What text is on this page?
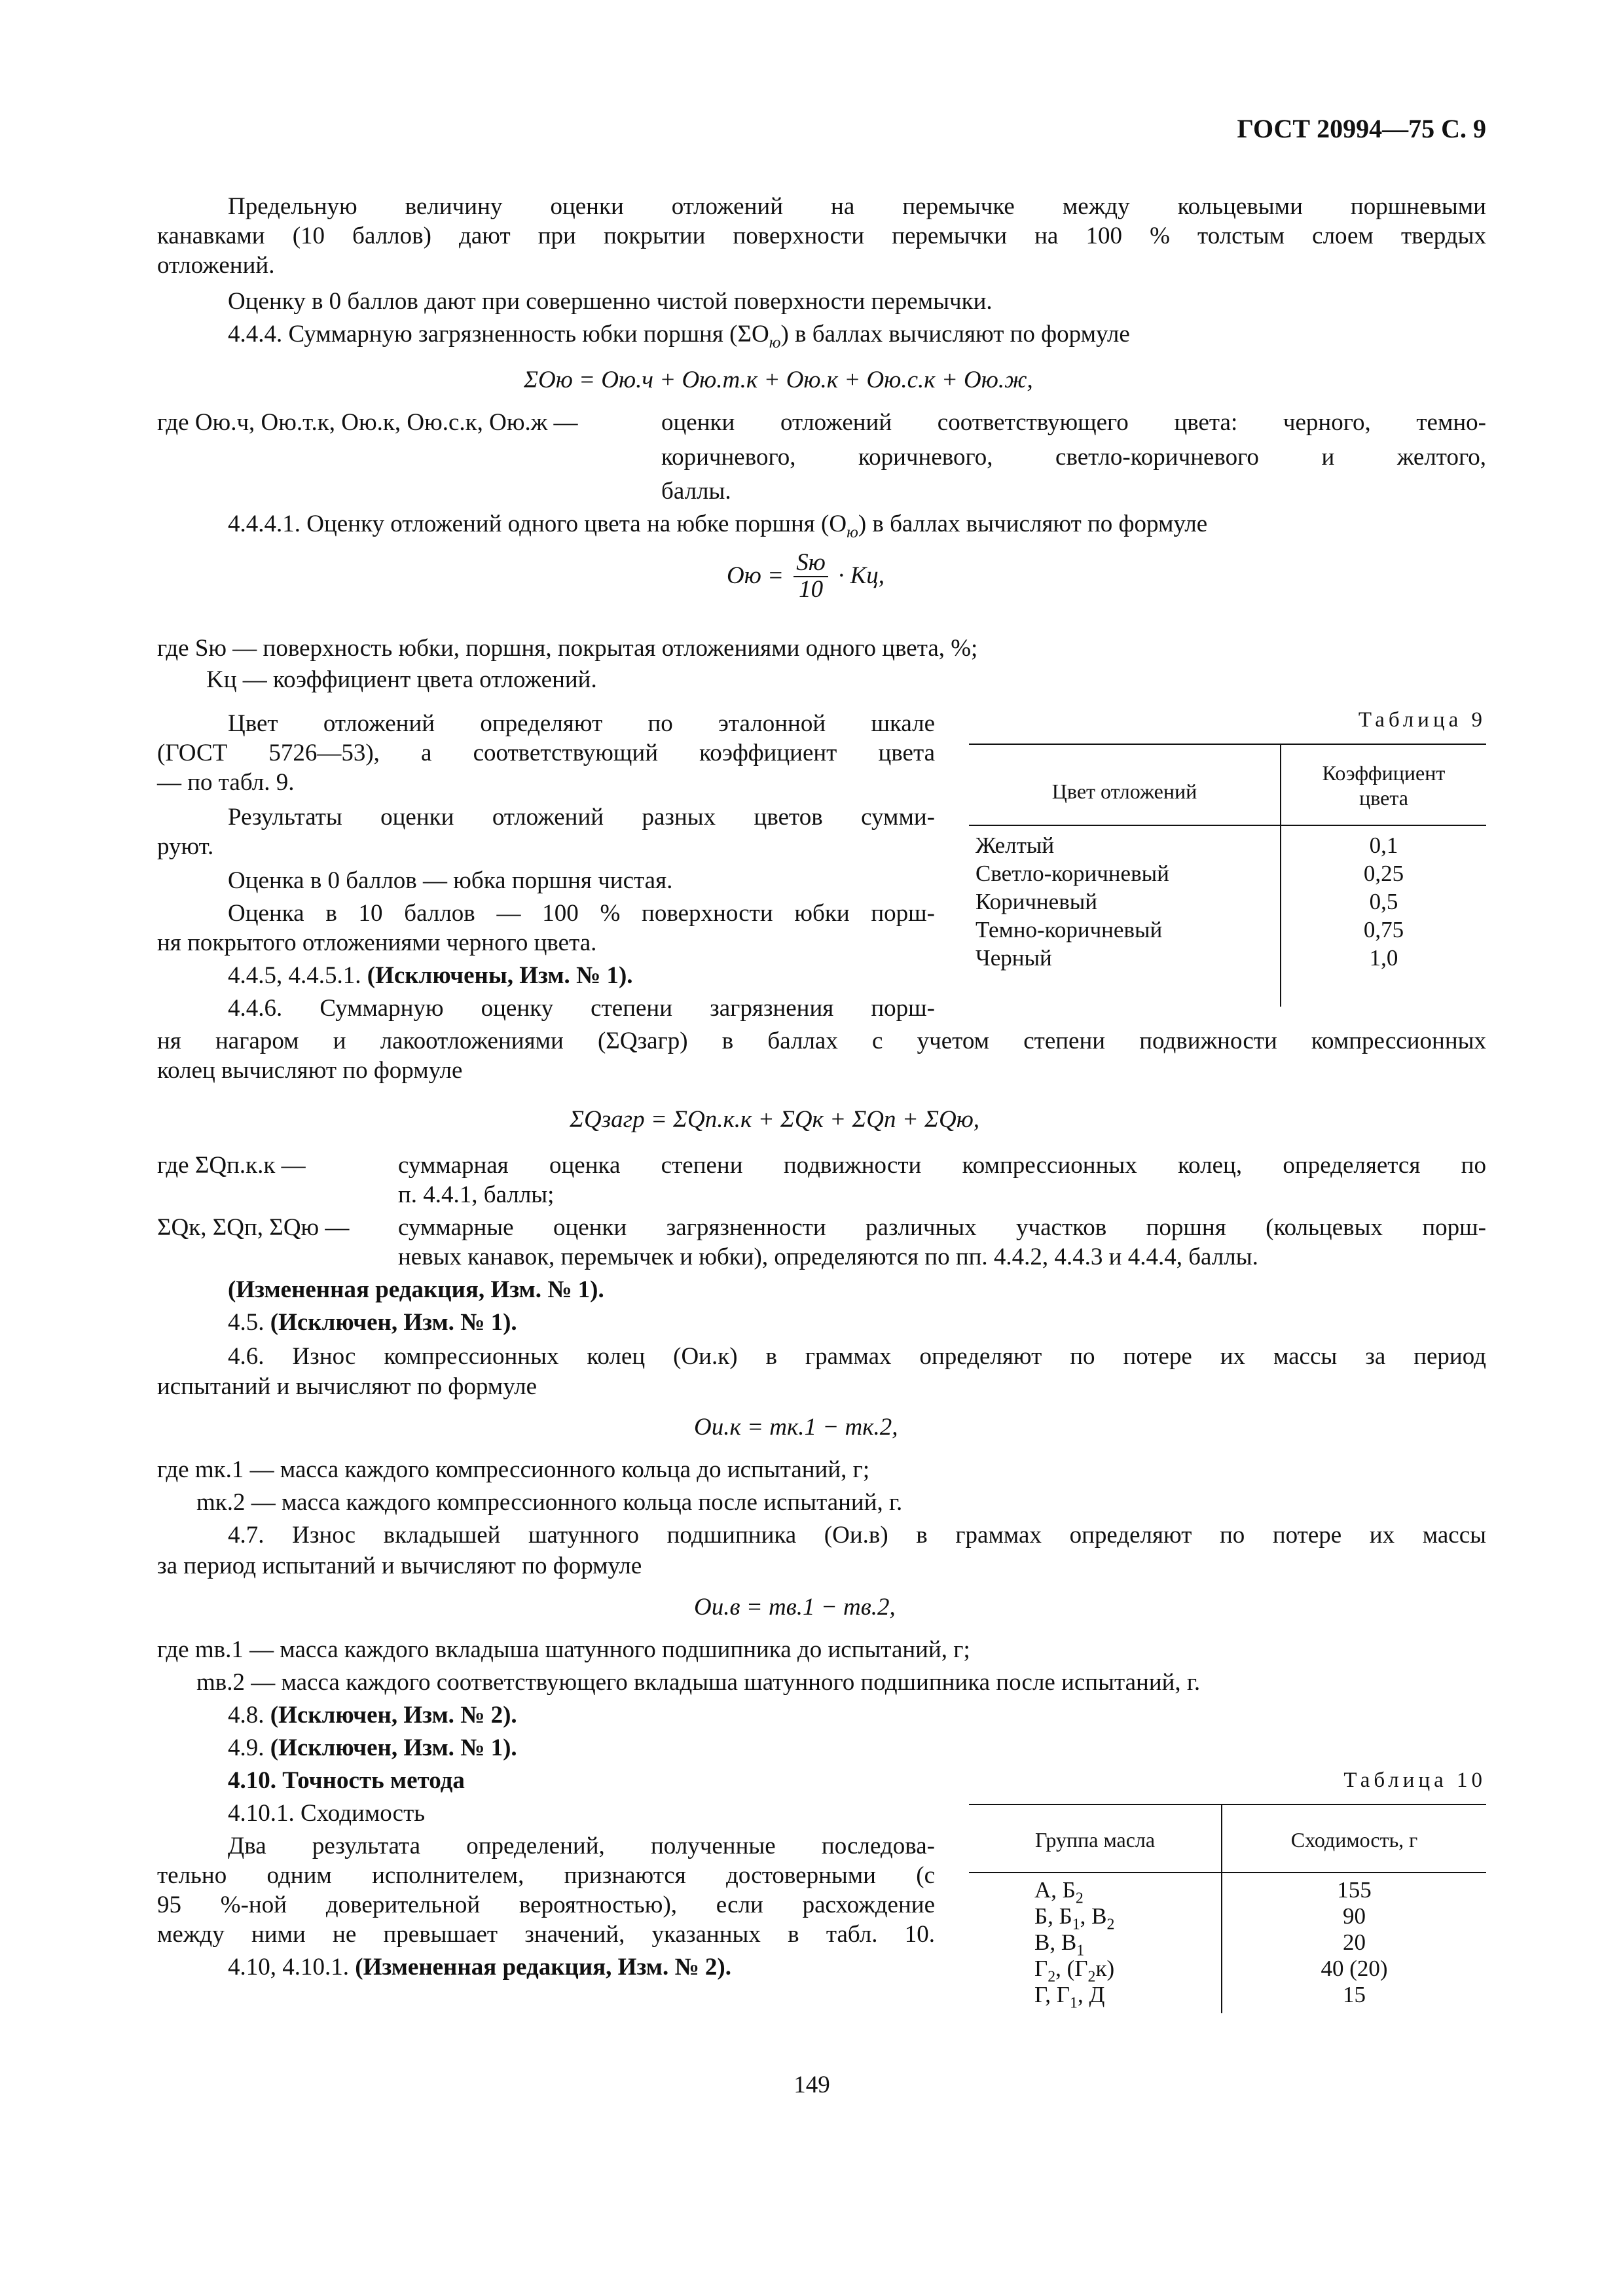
ГОСТ 20994—75 С. 9
Предельную величину оценки отложений на перемычке между кольцевыми поршневыми
канавками (10 баллов) дают при покрытии поверхности перемычки на 100 % толстым слоем твердых
отложений.
Оценку в 0 баллов дают при совершенно чистой поверхности перемычки.
4.4.4. Суммарную загрязненность юбки поршня $(\Sigma O_ю)$ в баллах вычисляют по формуле
ΣOю = Oю.ч + Oю.т.к + Oю.к + Oю.с.к + Oю.ж,
где Oю.ч, Oю.т.к, Oю.к, Oю.с.к, Oю.ж —	оценки отложений соответствующего цвета: черного, темно-
коричневого, коричневого, светло-коричневого и желтого,
баллы.
4.4.4.1. Оценку отложений одного цвета на юбке поршня $(O_ю)$ в баллах вычисляют по формуле
Oю = $\frac{Sю}{10}$ · Kц,
где Sю — поверхность юбки, поршня, покрытая отложениями одного цвета, %;
Kц — коэффициент цвета отложений.
Цвет отложений определяют по эталонной шкале
(ГОСТ 5726—53), а соответствующий коэффициент цвета
— по табл. 9.
Результаты оценки отложений разных цветов сумми-
руют.
Оценка в 0 баллов — юбка поршня чистая.
Оценка в 10 баллов — 100 % поверхности юбки порш-
ня покрытого отложениями черного цвета.
4.4.5, 4.4.5.1. (Исключены, Изм. № 1).
4.4.6. Суммарную оценку степени загрязнения порш-
Таблица 9
Цвет отложений
Коэффициент
цвета
Желтый	0,1
Светло-коричневый	0,25
Коричневый	0,5
Темно-коричневый	0,75
Черный	1,0
ня нагаром и лакоотложениями (ΣQзагр) в баллах с учетом степени подвижности компрессионных
колец вычисляют по формуле
ΣQзагр = ΣQп.к.к + ΣQк + ΣQп + ΣQю,
где ΣQп.к.к —	суммарная оценка степени подвижности компрессионных колец, определяется по
п. 4.4.1, баллы;
ΣQк, ΣQп, ΣQю — суммарные оценки загрязненности различных участков поршня (кольцевых порш-
невых канавок, перемычек и юбки), определяются по пп. 4.4.2, 4.4.3 и 4.4.4, баллы.
(Измененная редакция, Изм. № 1).
4.5. (Исключен, Изм. № 1).
4.6. Износ компрессионных колец (Oи.к) в граммах определяют по потере их массы за период
испытаний и вычисляют по формуле
Oи.к = mк.1 − mк.2,
где mк.1 — масса каждого компрессионного кольца до испытаний, г;
mк.2 — масса каждого компрессионного кольца после испытаний, г.
4.7. Износ вкладышей шатунного подшипника (Oи.в) в граммах определяют по потере их массы
за период испытаний и вычисляют по формуле
Oи.в = mв.1 − mв.2,
где mв.1 — масса каждого вкладыша шатунного подшипника до испытаний, г;
mв.2 — масса каждого соответствующего вкладыша шатунного подшипника после испытаний, г.
4.8. (Исключен, Изм. № 2).
4.9. (Исключен, Изм. № 1).
4.10. Точность метода
4.10.1. Сходимость
Два результата определений, полученные последова-
тельно одним исполнителем, признаются достоверными (с
95 %-ной доверительной вероятностью), если расхождение
между ними не превышает значений, указанных в табл. 10.
4.10, 4.10.1. (Измененная редакция, Изм. № 2).
Таблица 10
Группа масла	Сходимость, г
А, $Б_2$	155
Б, $Б_1$, $В_2$	90
В, $В_1$	20
$Г_2$, $(Г_2к)$	40 (20)
Г, $Г_1$, Д	15
149
